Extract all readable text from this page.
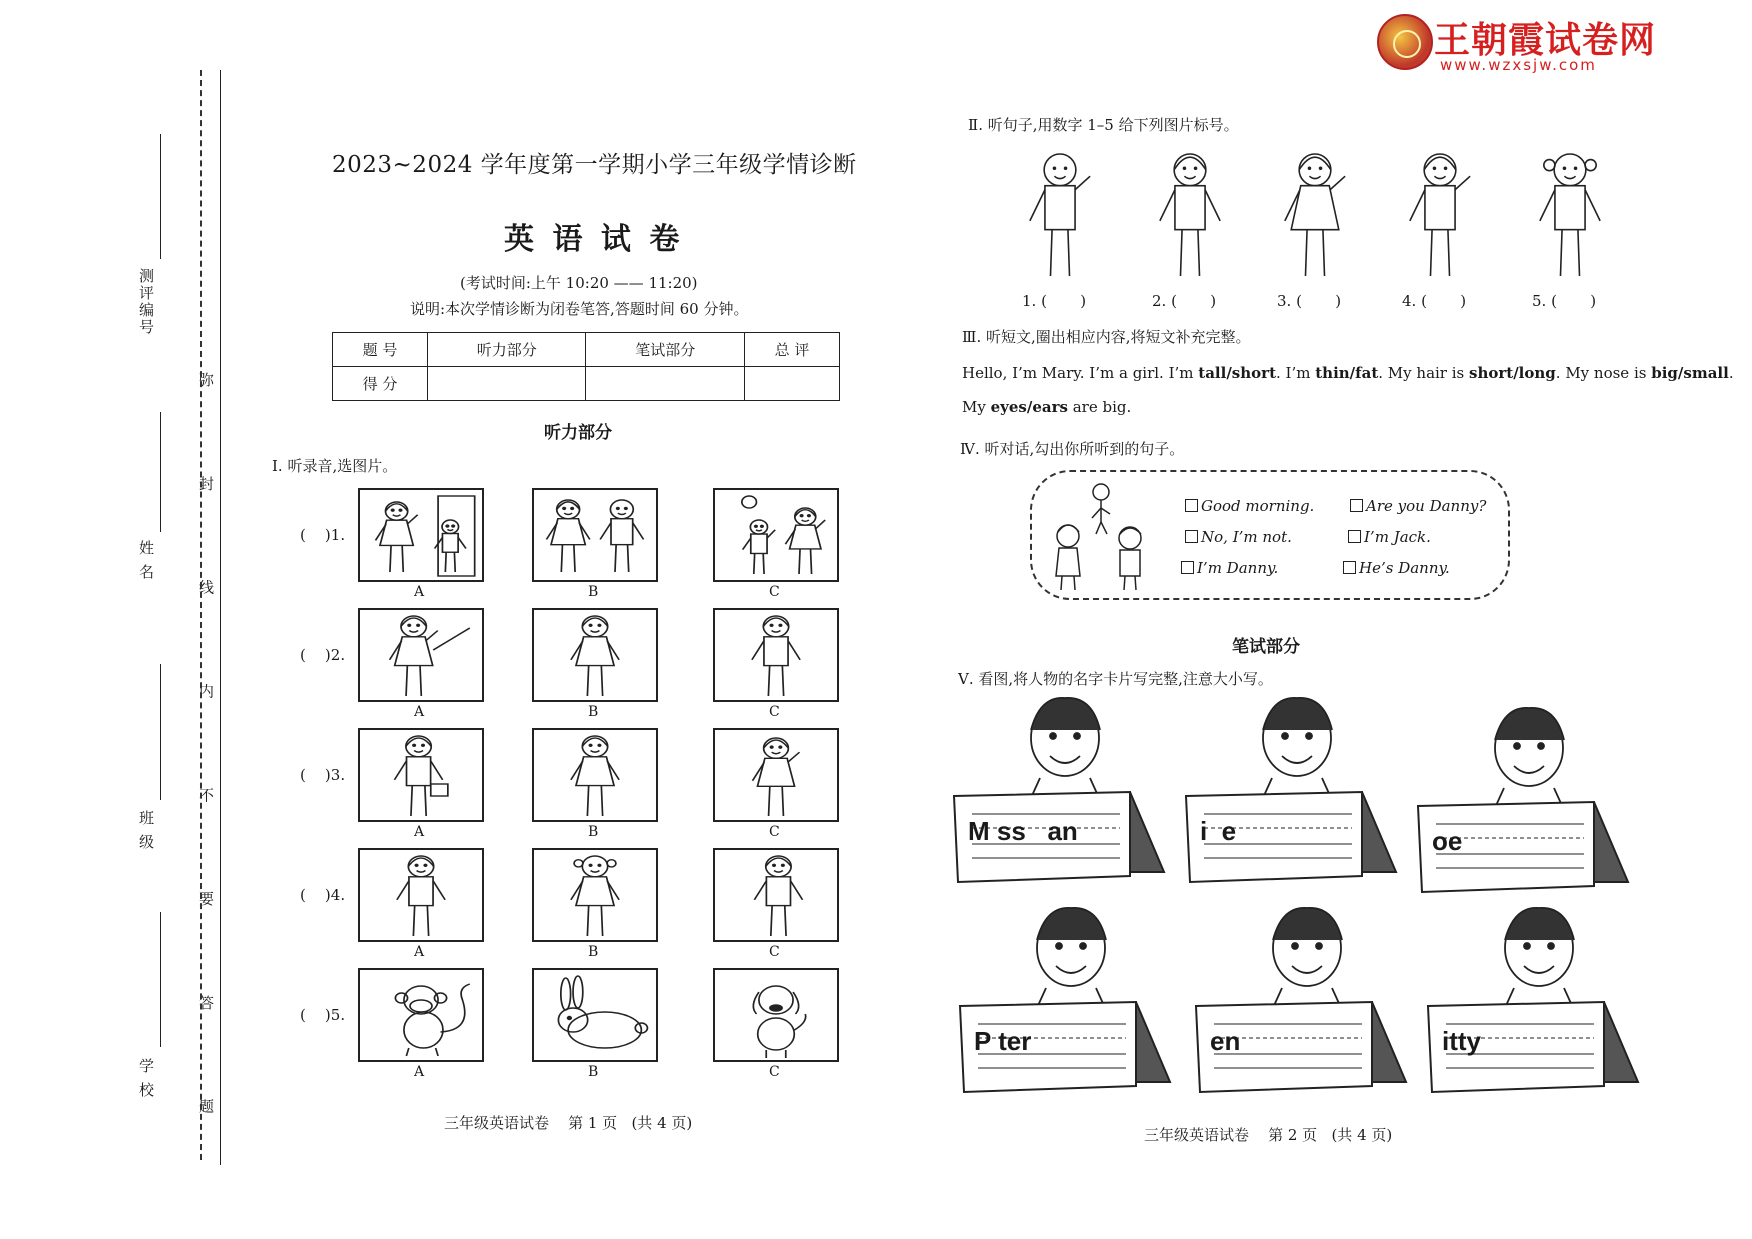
王朝霞试卷网
www.wzxsjw.com
测评编号
姓 名
班 级
学 校	弥 封 线 内 不 要 答 题
2023~2024 学年度第一学期小学三年级学情诊断
英 语 试 卷
(考试时间:上午 10:20 —— 11:20)
说明:本次学情诊断为闭卷笔答,答题时间 60 分钟。
题 号	听力部分	笔试部分	总 评
得 分			
听力部分
Ⅰ. 听录音,选图片。
(    )1.
A	B	C
(    )2.
A	B	C
(    )3.
A	B	C
(    )4.
A	B	C
(    )5.
A	B	C
三年级英语试卷    第 1 页   (共 4 页)
Ⅱ. 听句子,用数字 1–5 给下列图片标号。
1. (       )	2. (       )	3. (       )	4. (       )	5. (       )
Ⅲ. 听短文,圈出相应内容,将短文补充完整。
Hello, I’m Mary. I’m a girl. I’m tall/short. I’m thin/fat. My hair is short/long. My nose is big/small.
My eyes/ears are big.
Ⅳ. 听对话,勾出你所听到的句子。
Good morning.	Are you Danny?
No, I’m not.	I’m Jack.
I’m Danny.	He’s Danny.
笔试部分
Ⅴ. 看图,将人物的名字卡片写完整,注意大小写。
M ss   an	i  e	oe
P ter	en	itty
三年级英语试卷    第 2 页   (共 4 页)
